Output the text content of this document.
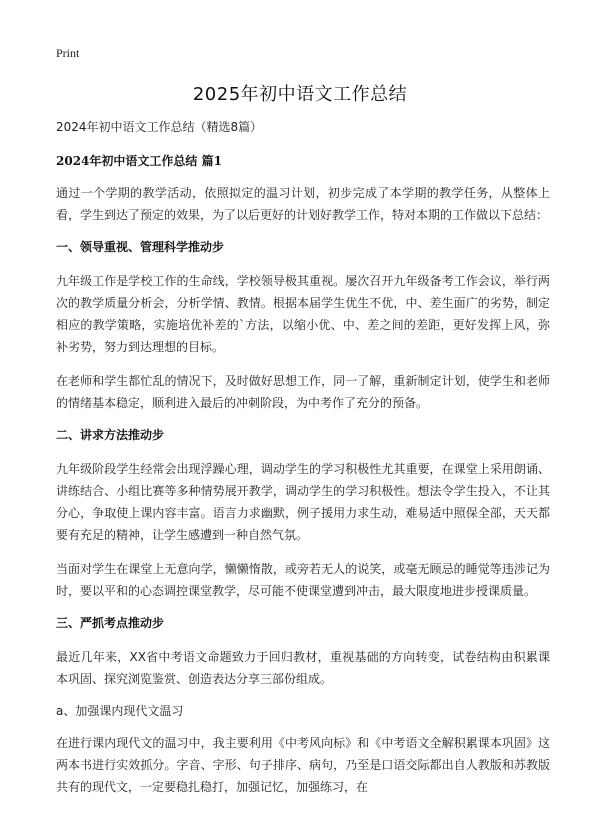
Print
2025年初中语文工作总结

2024年初中语文工作总结（精选8篇）

2024年初中语文工作总结 篇1

通过一个学期的教学活动，依照拟定的温习计划，初步完成了本学期的教学任务，从整体上看，学生到达了预定的效果，为了以后更好的计划好教学工作，特对本期的工作做以下总结：

一、领导重视、管理科学推动步

九年级工作是学校工作的生命线，学校领导极其重视。屡次召开九年级备考工作会议，举行两次的教学质量分析会，分析学情、教情。根据本届学生优生不优，中、差生面广的劣势，制定相应的教学策略，实施培优补差的`方法，以缩小优、中、差之间的差距，更好发挥上风，弥补劣势，努力到达理想的目标。

在老师和学生都忙乱的情况下，及时做好思想工作，同一了解，重新制定计划，使学生和老师的情绪基本稳定，顺利进入最后的冲刺阶段，为中考作了充分的预备。

二、讲求方法推动步

九年级阶段学生经常会出现浮躁心理，调动学生的学习积极性尤其重要，在课堂上采用朗诵、讲练结合、小组比赛等多种情势展开教学，调动学生的学习积极性。想法令学生投入，不让其分心，争取使上课内容丰富。语言力求幽默，例子援用力求生动，难易适中照保全部，天天都要有充足的精神，让学生感遭到一种自然气氛。

当面对学生在课堂上无意向学，懒懒惰散，或旁若无人的说笑，或毫无顾忌的睡觉等违涉记为时，要以平和的心态调控课堂教学，尽可能不使课堂遭到冲击，最大限度地进步授课质量。

三、严抓考点推动步

最近几年来，XX省中考语文命题致力于回归教材，重视基础的方向转变，试卷结构由积累课本巩固、探究浏览鉴赏、创造表达分享三部份组成。

a、加强课内现代文温习

在进行课内现代文的温习中，我主要利用《中考风向标》和《中考语文全解积累课本巩固》这两本书进行实效抓分。字音、字形、句子排序、病句，乃至是口语交际都出自人教版和苏教版共有的现代文，一定要稳扎稳打，加强记忆，加强练习，在
